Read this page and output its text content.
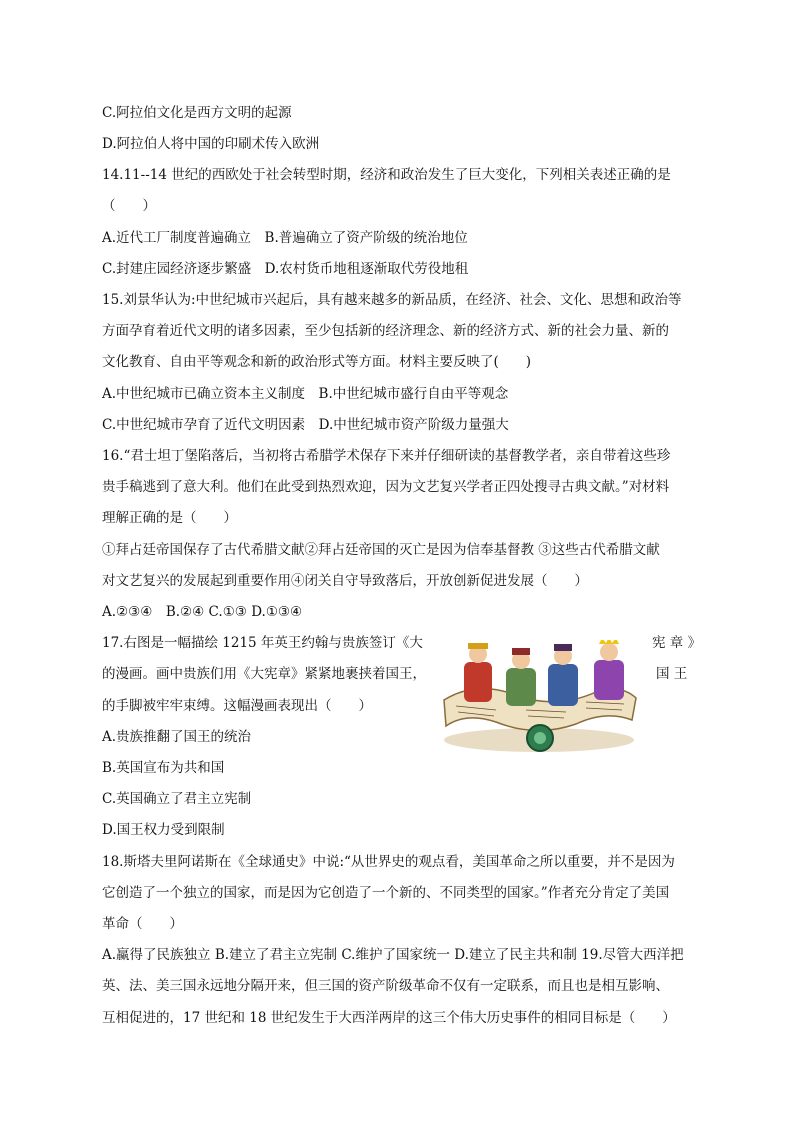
C.阿拉伯文化是西方文明的起源
D.阿拉伯人将中国的印刷术传入欧洲
14.11--14 世纪的西欧处于社会转型时期，经济和政治发生了巨大变化，下列相关表述正确的是
（　　）
A.近代工厂制度普遍确立　B.普遍确立了资产阶级的统治地位
C.封建庄园经济逐步繁盛　D.农村货币地租逐渐取代劳役地租
15.刘景华认为:中世纪城市兴起后，具有越来越多的新品质，在经济、社会、文化、思想和政治等
方面孕育着近代文明的诸多因素，至少包括新的经济理念、新的经济方式、新的社会力量、新的
文化教育、自由平等观念和新的政治形式等方面。材料主要反映了(　　)
A.中世纪城市已确立资本主义制度　B.中世纪城市盛行自由平等观念
C.中世纪城市孕育了近代文明因素　D.中世纪城市资产阶级力量强大
16.“君士坦丁堡陷落后，当初将古希腊学术保存下来并仔细研读的基督教学者，亲自带着这些珍
贵手稿逃到了意大利。他们在此受到热烈欢迎，因为文艺复兴学者正四处搜寻古典文献。”对材料
理解正确的是（　　）
①拜占廷帝国保存了古代希腊文献②拜占廷帝国的灭亡是因为信奉基督教 ③这些古代希腊文献
对文艺复兴的发展起到重要作用④闭关自守导致落后，开放创新促进发展（　　）
A.②③④　B.②④ C.①③ D.①③④
17.右图是一幅描绘 1215 年英王约翰与贵族签订《大	宪 章 》
的漫画。画中贵族们用《大宪章》紧紧地裹挟着国王，	国 王
的手脚被牢牢束缚。这幅漫画表现出（　　）
A.贵族推翻了国王的统治
B.英国宣布为共和国
C.英国确立了君主立宪制
D.国王权力受到限制
18.斯塔夫里阿诺斯在《全球通史》中说:“从世界史的观点看，美国革命之所以重要，并不是因为
它创造了一个独立的国家，而是因为它创造了一个新的、不同类型的国家。”作者充分肯定了美国
革命（　　）
A.赢得了民族独立 B.建立了君主立宪制 C.维护了国家统一 D.建立了民主共和制 19.尽管大西洋把
英、法、美三国永远地分隔开来，但三国的资产阶级革命不仅有一定联系，而且也是相互影响、
互相促进的，17 世纪和 18 世纪发生于大西洋两岸的这三个伟大历史事件的相同目标是（　　）
